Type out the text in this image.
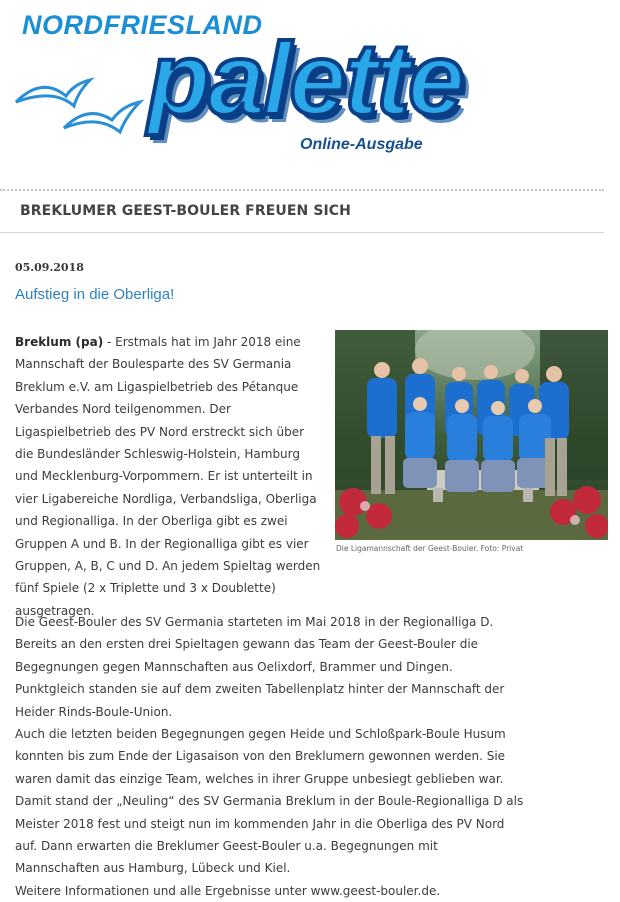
NORDFRIESLAND
palette
Online-Ausgabe
BREKLUMER GEEST-BOULER FREUEN SICH
05.09.2018
Aufstieg in die Oberliga!

Breklum (pa) - Erstmals hat im Jahr 2018 eine
Mannschaft der Boulesparte des SV Germania
Breklum e.V. am Ligaspielbetrieb des Pétanque
Verbandes Nord teilgenommen. Der
Ligaspielbetrieb des PV Nord erstreckt sich über
die Bundesländer Schleswig-Holstein, Hamburg
und Mecklenburg-Vorpommern. Er ist unterteilt in
vier Ligabereiche Nordliga, Verbandsliga, Oberliga
und Regionalliga. In der Oberliga gibt es zwei
Gruppen A und B. In der Regionalliga gibt es vier
Gruppen, A, B, C und D. An jedem Spieltag werden
fünf Spiele (2 x Triplette und 3 x Doublette)
ausgetragen.

Die Ligamannschaft der Geest-Bouler. Foto: Privat

Die Geest-Bouler des SV Germania starteten im Mai 2018 in der Regionalliga D.
Bereits an den ersten drei Spieltagen gewann das Team der Geest-Bouler die
Begegnungen gegen Mannschaften aus Oelixdorf, Brammer und Dingen.
Punktgleich standen sie auf dem zweiten Tabellenplatz hinter der Mannschaft der
Heider Rinds-Boule-Union.
Auch die letzten beiden Begegnungen gegen Heide und Schloßpark-Boule Husum
konnten bis zum Ende der Ligasaison von den Breklumern gewonnen werden. Sie
waren damit das einzige Team, welches in ihrer Gruppe unbesiegt geblieben war.
Damit stand der „Neuling“ des SV Germania Breklum in der Boule-Regionalliga D als
Meister 2018 fest und steigt nun im kommenden Jahr in die Oberliga des PV Nord
auf. Dann erwarten die Breklumer Geest-Bouler u.a. Begegnungen mit
Mannschaften aus Hamburg, Lübeck und Kiel.
Weitere Informationen und alle Ergebnisse unter www.geest-bouler.de.
